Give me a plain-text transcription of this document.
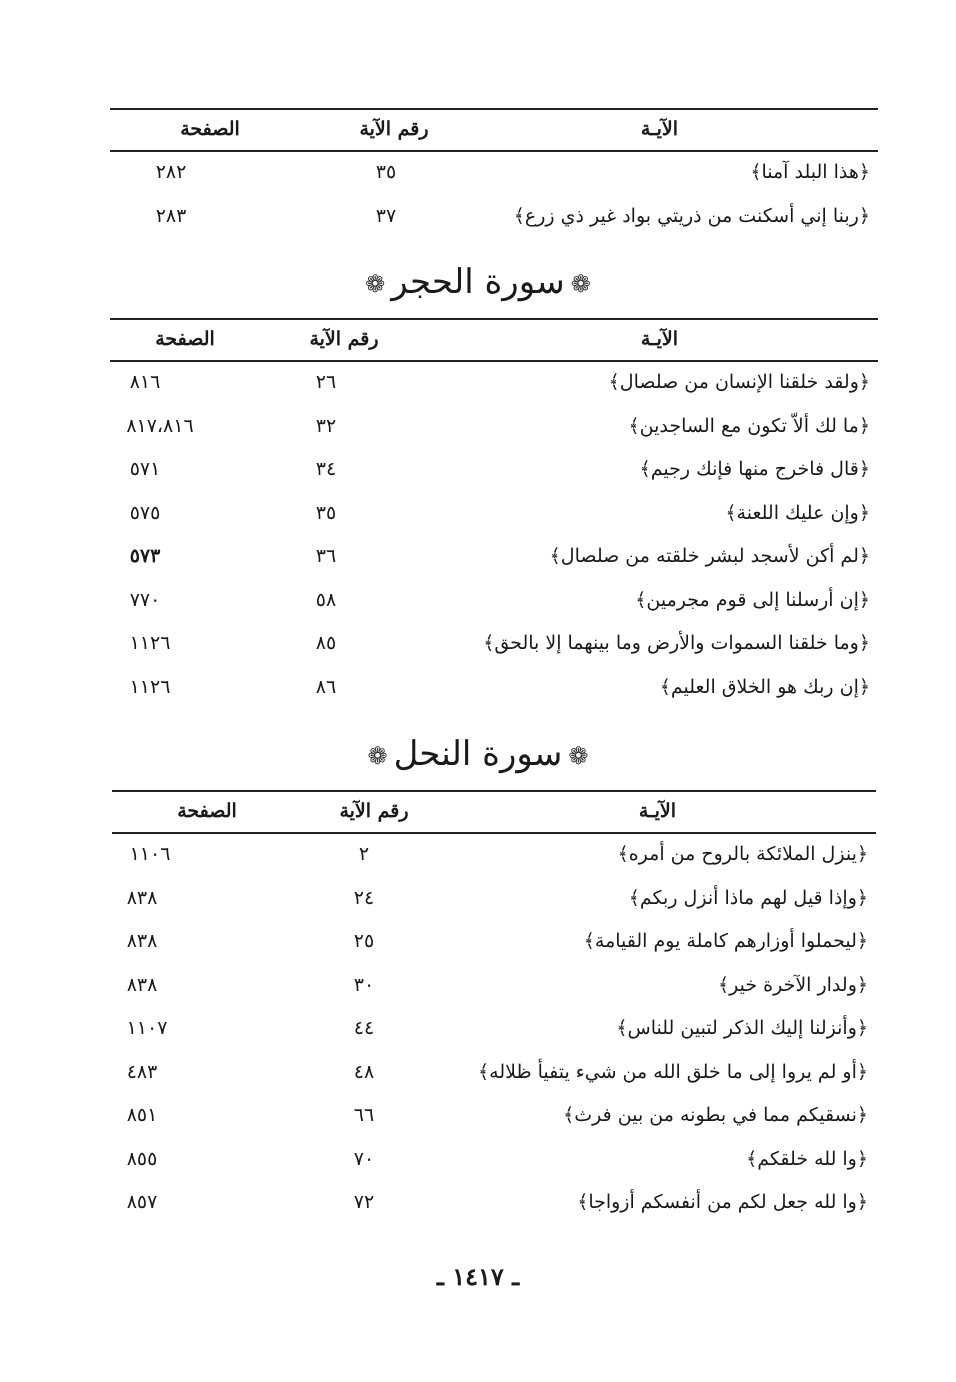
الآيـة
رقم الآية
الصفحة
﴿هذا البلد آمنا﴾
٣٥
٢٨٢
﴿ربنا إني أسكنت من ذريتي بواد غير ذي زرع﴾
٣٧
٢٨٣
❁سورة الحجر❁
الآيـة
رقم الآية
الصفحة
﴿ولقد خلقنا الإنسان من صلصال﴾
٢٦
٨١٦
﴿ما لك ألاّ تكون مع الساجدين﴾
٣٢
٨١٧،٨١٦
﴿قال فاخرج منها فإنك رجيم﴾
٣٤
٥٧١
﴿وإن عليك اللعنة﴾
٣٥
٥٧٥
﴿لم أكن لأسجد لبشر خلقته من صلصال﴾
٣٦
٥٧٣
﴿إن أرسلنا إلى قوم مجرمين﴾
٥٨
٧٧٠
﴿وما خلقنا السموات والأرض وما بينهما إلا بالحق﴾
٨٥
١١٢٦
﴿إن ربك هو الخلاق العليم﴾
٨٦
١١٢٦
❁سورة النحل❁
الآيـة
رقم الآية
الصفحة
﴿ينزل الملائكة بالروح من أمره﴾
٢
١١٠٦
﴿وإذا قيل لهم ماذا أنزل ربكم﴾
٢٤
٨٣٨
﴿ليحملوا أوزارهم كاملة يوم القيامة﴾
٢٥
٨٣٨
﴿ولدار الآخرة خير﴾
٣٠
٨٣٨
﴿وأنزلنا إليك الذكر لتبين للناس﴾
٤٤
١١٠٧
﴿أو لم يروا إلى ما خلق الله من شيء يتفيأ ظلاله﴾
٤٨
٤٨٣
﴿نسقيكم مما في بطونه من بين فرث﴾
٦٦
٨٥١
﴿وا لله خلقكم﴾
٧٠
٨٥٥
﴿وا لله جعل لكم من أنفسكم أزواجا﴾
٧٢
٨٥٧
ـ ١٤١٧ ـ
